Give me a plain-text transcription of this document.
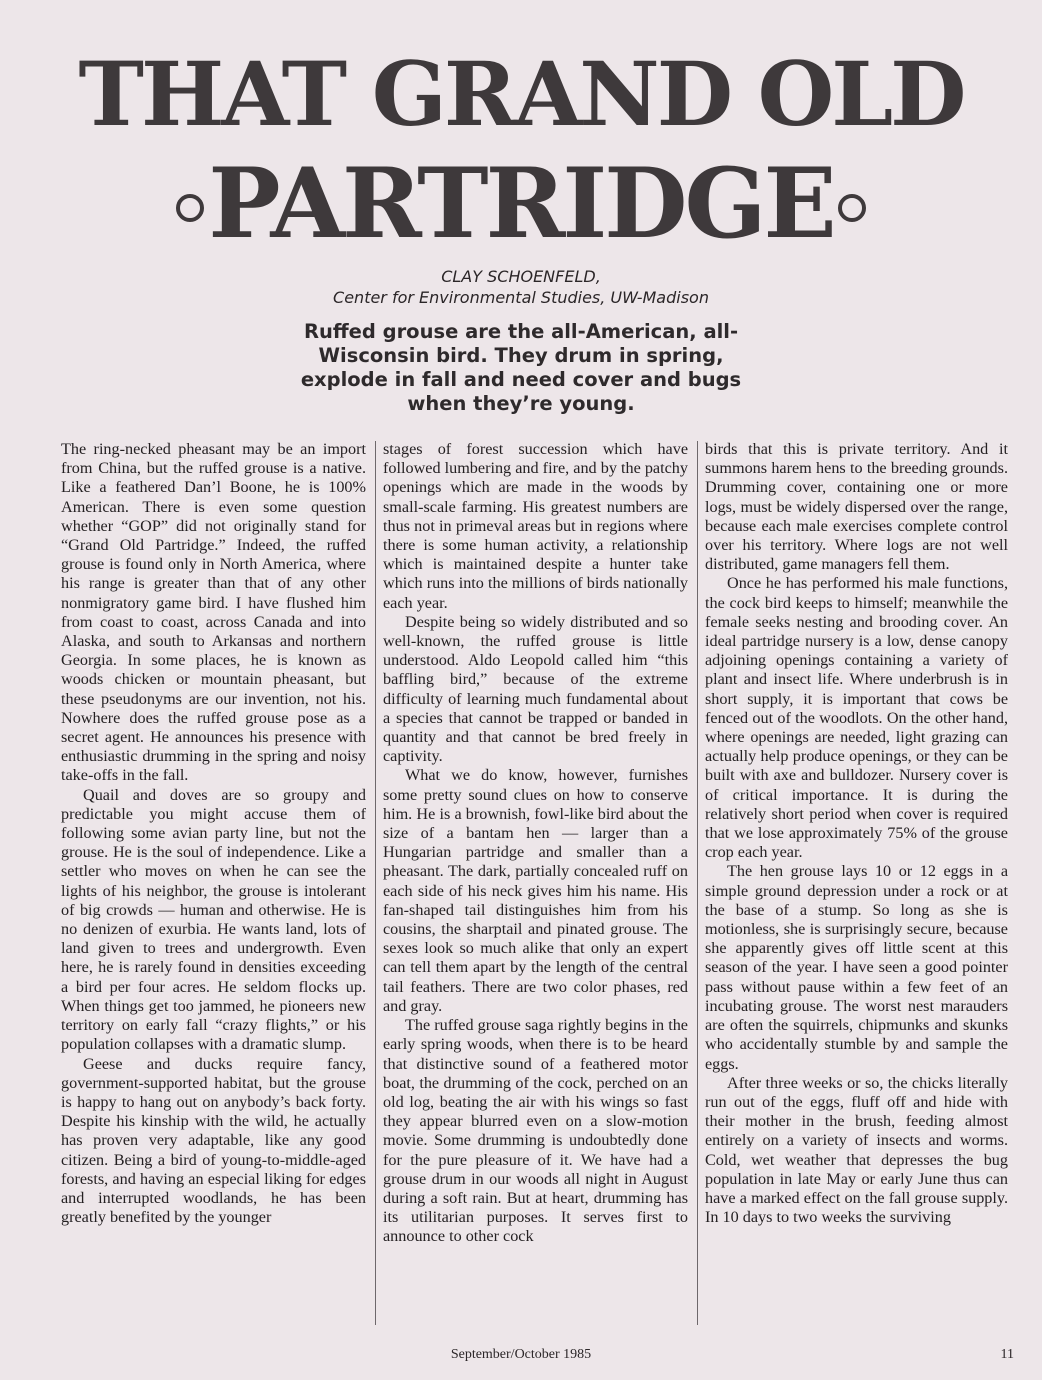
THAT GRAND OLD
PARTRIDGE
CLAY SCHOENFELD,
Center for Environmental Studies, UW-Madison
Ruffed grouse are the all-American, all-Wisconsin bird. They drum in spring, explode in fall and need cover and bugs when they’re young.

The ring-necked pheasant may be an import from China, but the ruffed grouse is a native. Like a feathered Dan’l Boone, he is 100% American. There is even some question whether “GOP” did not originally stand for “Grand Old Partridge.” Indeed, the ruffed grouse is found only in North America, where his range is greater than that of any other nonmigratory game bird. I have flushed him from coast to coast, across Canada and into Alaska, and south to Arkansas and northern Georgia. In some places, he is known as woods chicken or mountain pheasant, but these pseudonyms are our invention, not his. Nowhere does the ruffed grouse pose as a secret agent. He announces his presence with enthusiastic drumming in the spring and noisy take-offs in the fall.

Quail and doves are so groupy and predictable you might accuse them of following some avian party line, but not the grouse. He is the soul of independence. Like a settler who moves on when he can see the lights of his neighbor, the grouse is intolerant of big crowds — human and otherwise. He is no denizen of exurbia. He wants land, lots of land given to trees and undergrowth. Even here, he is rarely found in densities exceeding a bird per four acres. He seldom flocks up. When things get too jammed, he pioneers new territory on early fall “crazy flights,” or his population collapses with a dramatic slump.

Geese and ducks require fancy, government-supported habitat, but the grouse is happy to hang out on anybody’s back forty. Despite his kinship with the wild, he actually has proven very adaptable, like any good citizen. Being a bird of young-to-middle-aged forests, and having an especial liking for edges and interrupted woodlands, he has been greatly benefited by the younger

stages of forest succession which have followed lumbering and fire, and by the patchy openings which are made in the woods by small-scale farming. His greatest numbers are thus not in primeval areas but in regions where there is some human activity, a relationship which is maintained despite a hunter take which runs into the millions of birds nationally each year.

Despite being so widely distributed and so well-known, the ruffed grouse is little understood. Aldo Leopold called him “this baffling bird,” because of the extreme difficulty of learning much fundamental about a species that cannot be trapped or banded in quantity and that cannot be bred freely in captivity.

What we do know, however, furnishes some pretty sound clues on how to conserve him. He is a brownish, fowl-like bird about the size of a bantam hen — larger than a Hungarian partridge and smaller than a pheasant. The dark, partially concealed ruff on each side of his neck gives him his name. His fan-shaped tail distinguishes him from his cousins, the sharptail and pinated grouse. The sexes look so much alike that only an expert can tell them apart by the length of the central tail feathers. There are two color phases, red and gray.

The ruffed grouse saga rightly begins in the early spring woods, when there is to be heard that distinctive sound of a feathered motor boat, the drumming of the cock, perched on an old log, beating the air with his wings so fast they appear blurred even on a slow-motion movie. Some drumming is undoubtedly done for the pure pleasure of it. We have had a grouse drum in our woods all night in August during a soft rain. But at heart, drumming has its utilitarian purposes. It serves first to announce to other cock

birds that this is private territory. And it summons harem hens to the breeding grounds. Drumming cover, containing one or more logs, must be widely dispersed over the range, because each male exercises complete control over his territory. Where logs are not well distributed, game managers fell them.

Once he has performed his male functions, the cock bird keeps to himself; meanwhile the female seeks nesting and brooding cover. An ideal partridge nursery is a low, dense canopy adjoining openings containing a variety of plant and insect life. Where underbrush is in short supply, it is important that cows be fenced out of the woodlots. On the other hand, where openings are needed, light grazing can actually help produce openings, or they can be built with axe and bulldozer. Nursery cover is of critical importance. It is during the relatively short period when cover is required that we lose approximately 75% of the grouse crop each year.

The hen grouse lays 10 or 12 eggs in a simple ground depression under a rock or at the base of a stump. So long as she is motionless, she is surprisingly secure, because she apparently gives off little scent at this season of the year. I have seen a good pointer pass without pause within a few feet of an incubating grouse. The worst nest marauders are often the squirrels, chipmunks and skunks who accidentally stumble by and sample the eggs.

After three weeks or so, the chicks literally run out of the eggs, fluff off and hide with their mother in the brush, feeding almost entirely on a variety of insects and worms. Cold, wet weather that depresses the bug population in late May or early June thus can have a marked effect on the fall grouse supply. In 10 days to two weeks the surviving

September/October 1985	11
